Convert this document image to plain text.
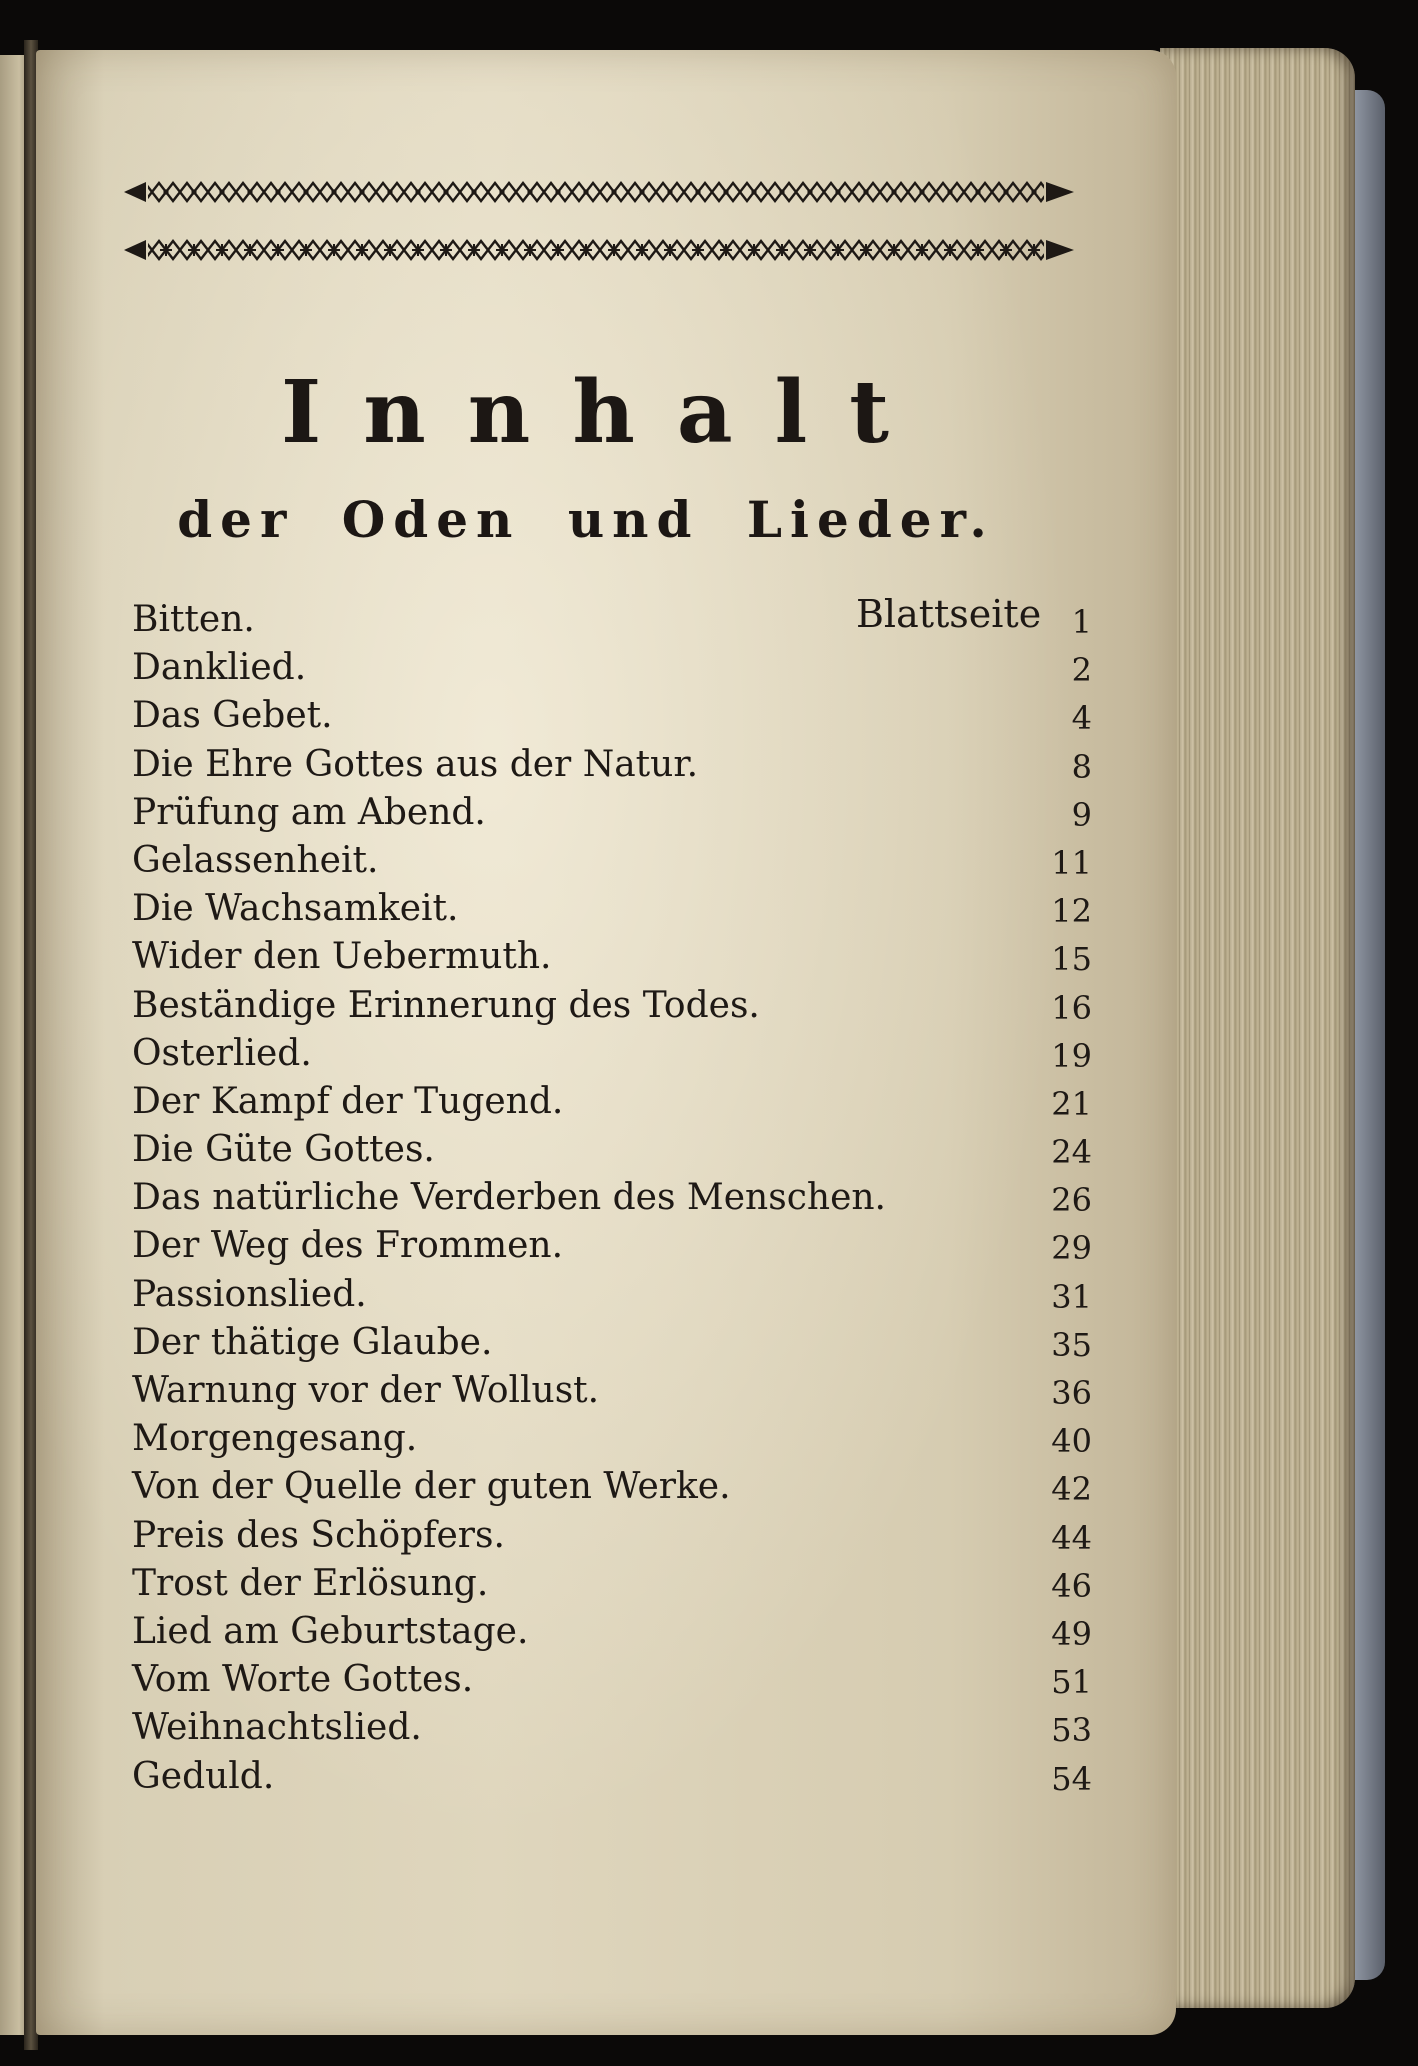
Innhalt
der Oden und Lieder.
Blattseite
Bitten.	1
Danklied.	2
Das Gebet.	4
Die Ehre Gottes aus der Natur.	8
Prüfung am Abend.	9
Gelassenheit.	11
Die Wachsamkeit.	12
Wider den Uebermuth.	15
Beständige Erinnerung des Todes.	16
Osterlied.	19
Der Kampf der Tugend.	21
Die Güte Gottes.	24
Das natürliche Verderben des Menschen.	26
Der Weg des Frommen.	29
Passionslied.	31
Der thätige Glaube.	35
Warnung vor der Wollust.	36
Morgengesang.	40
Von der Quelle der guten Werke.	42
Preis des Schöpfers.	44
Trost der Erlösung.	46
Lied am Geburtstage.	49
Vom Worte Gottes.	51
Weihnachtslied.	53
Geduld.	54
